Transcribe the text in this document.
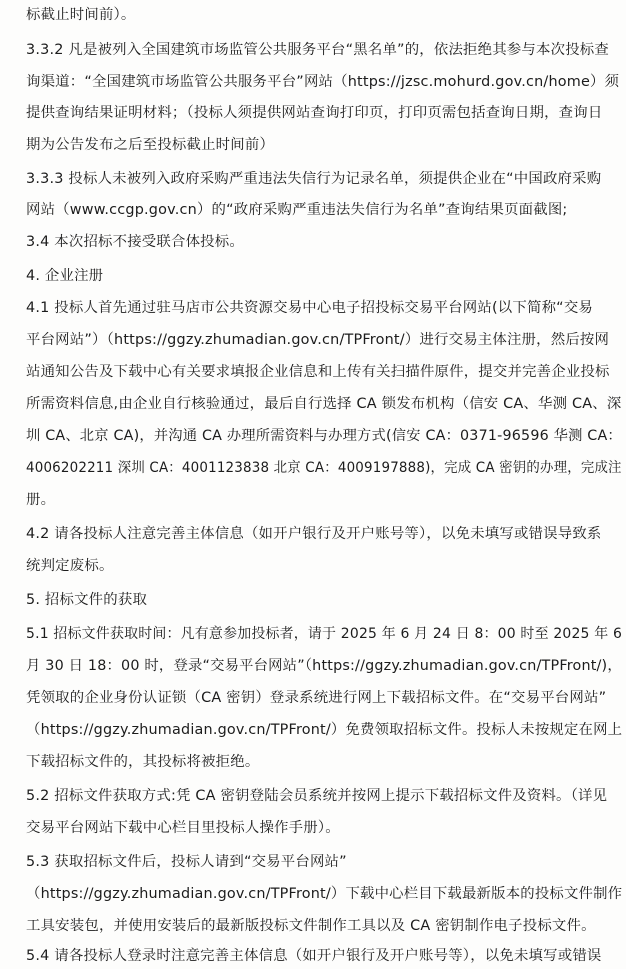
标截止时间前）。
3.3.2 凡是被列入全国建筑市场监管公共服务平台“黑名单”的，依法拒绝其参与本次投标查
询渠道：“全国建筑市场监管公共服务平台”网站（https://jzsc.mohurd.gov.cn/home）须
提供查询结果证明材料；（投标人须提供网站查询打印页，打印页需包括查询日期，查询日
期为公告发布之后至投标截止时间前）
3.3.3 投标人未被列入政府采购严重违法失信行为记录名单，须提供企业在“中国政府采购
网站（www.ccgp.gov.cn）的“政府采购严重违法失信行为名单”查询结果页面截图;
3.4 本次招标不接受联合体投标。
4. 企业注册
4.1 投标人首先通过驻马店市公共资源交易中心电子招投标交易平台网站(以下简称“交易
平台网站”）（https://ggzy.zhumadian.gov.cn/TPFront/）进行交易主体注册，然后按网
站通知公告及下载中心有关要求填报企业信息和上传有关扫描件原件，提交并完善企业投标
所需资料信息,由企业自行核验通过，最后自行选择 CA 锁发布机构（信安 CA、华测 CA、深
圳 CA、北京 CA)，并沟通 CA 办理所需资料与办理方式(信安 CA：0371-96596 华测 CA：
4006202211 深圳 CA：4001123838 北京 CA：4009197888)，完成 CA 密钥的办理，完成注
册。
4.2 请各投标人注意完善主体信息（如开户银行及开户账号等），以免未填写或错误导致系
统判定废标。
5. 招标文件的获取
5.1 招标文件获取时间：凡有意参加投标者，请于 2025 年 6 月 24 日 8：00 时至 2025 年 6
月 30 日 18：00 时，登录“交易平台网站”（https://ggzy.zhumadian.gov.cn/TPFront/)，
凭领取的企业身份认证锁（CA 密钥）登录系统进行网上下载招标文件。在“交易平台网站”
（https://ggzy.zhumadian.gov.cn/TPFront/）免费领取招标文件。投标人未按规定在网上
下载招标文件的，其投标将被拒绝。
5.2 招标文件获取方式:凭 CA 密钥登陆会员系统并按网上提示下载招标文件及资料。（详见
交易平台网站下载中心栏目里投标人操作手册）。
5.3 获取招标文件后，投标人请到“交易平台网站”
（https://ggzy.zhumadian.gov.cn/TPFront/）下载中心栏目下载最新版本的投标文件制作
工具安装包，并使用安装后的最新版投标文件制作工具以及 CA 密钥制作电子投标文件。
5.4 请各投标人登录时注意完善主体信息（如开户银行及开户账号等），以免未填写或错误
